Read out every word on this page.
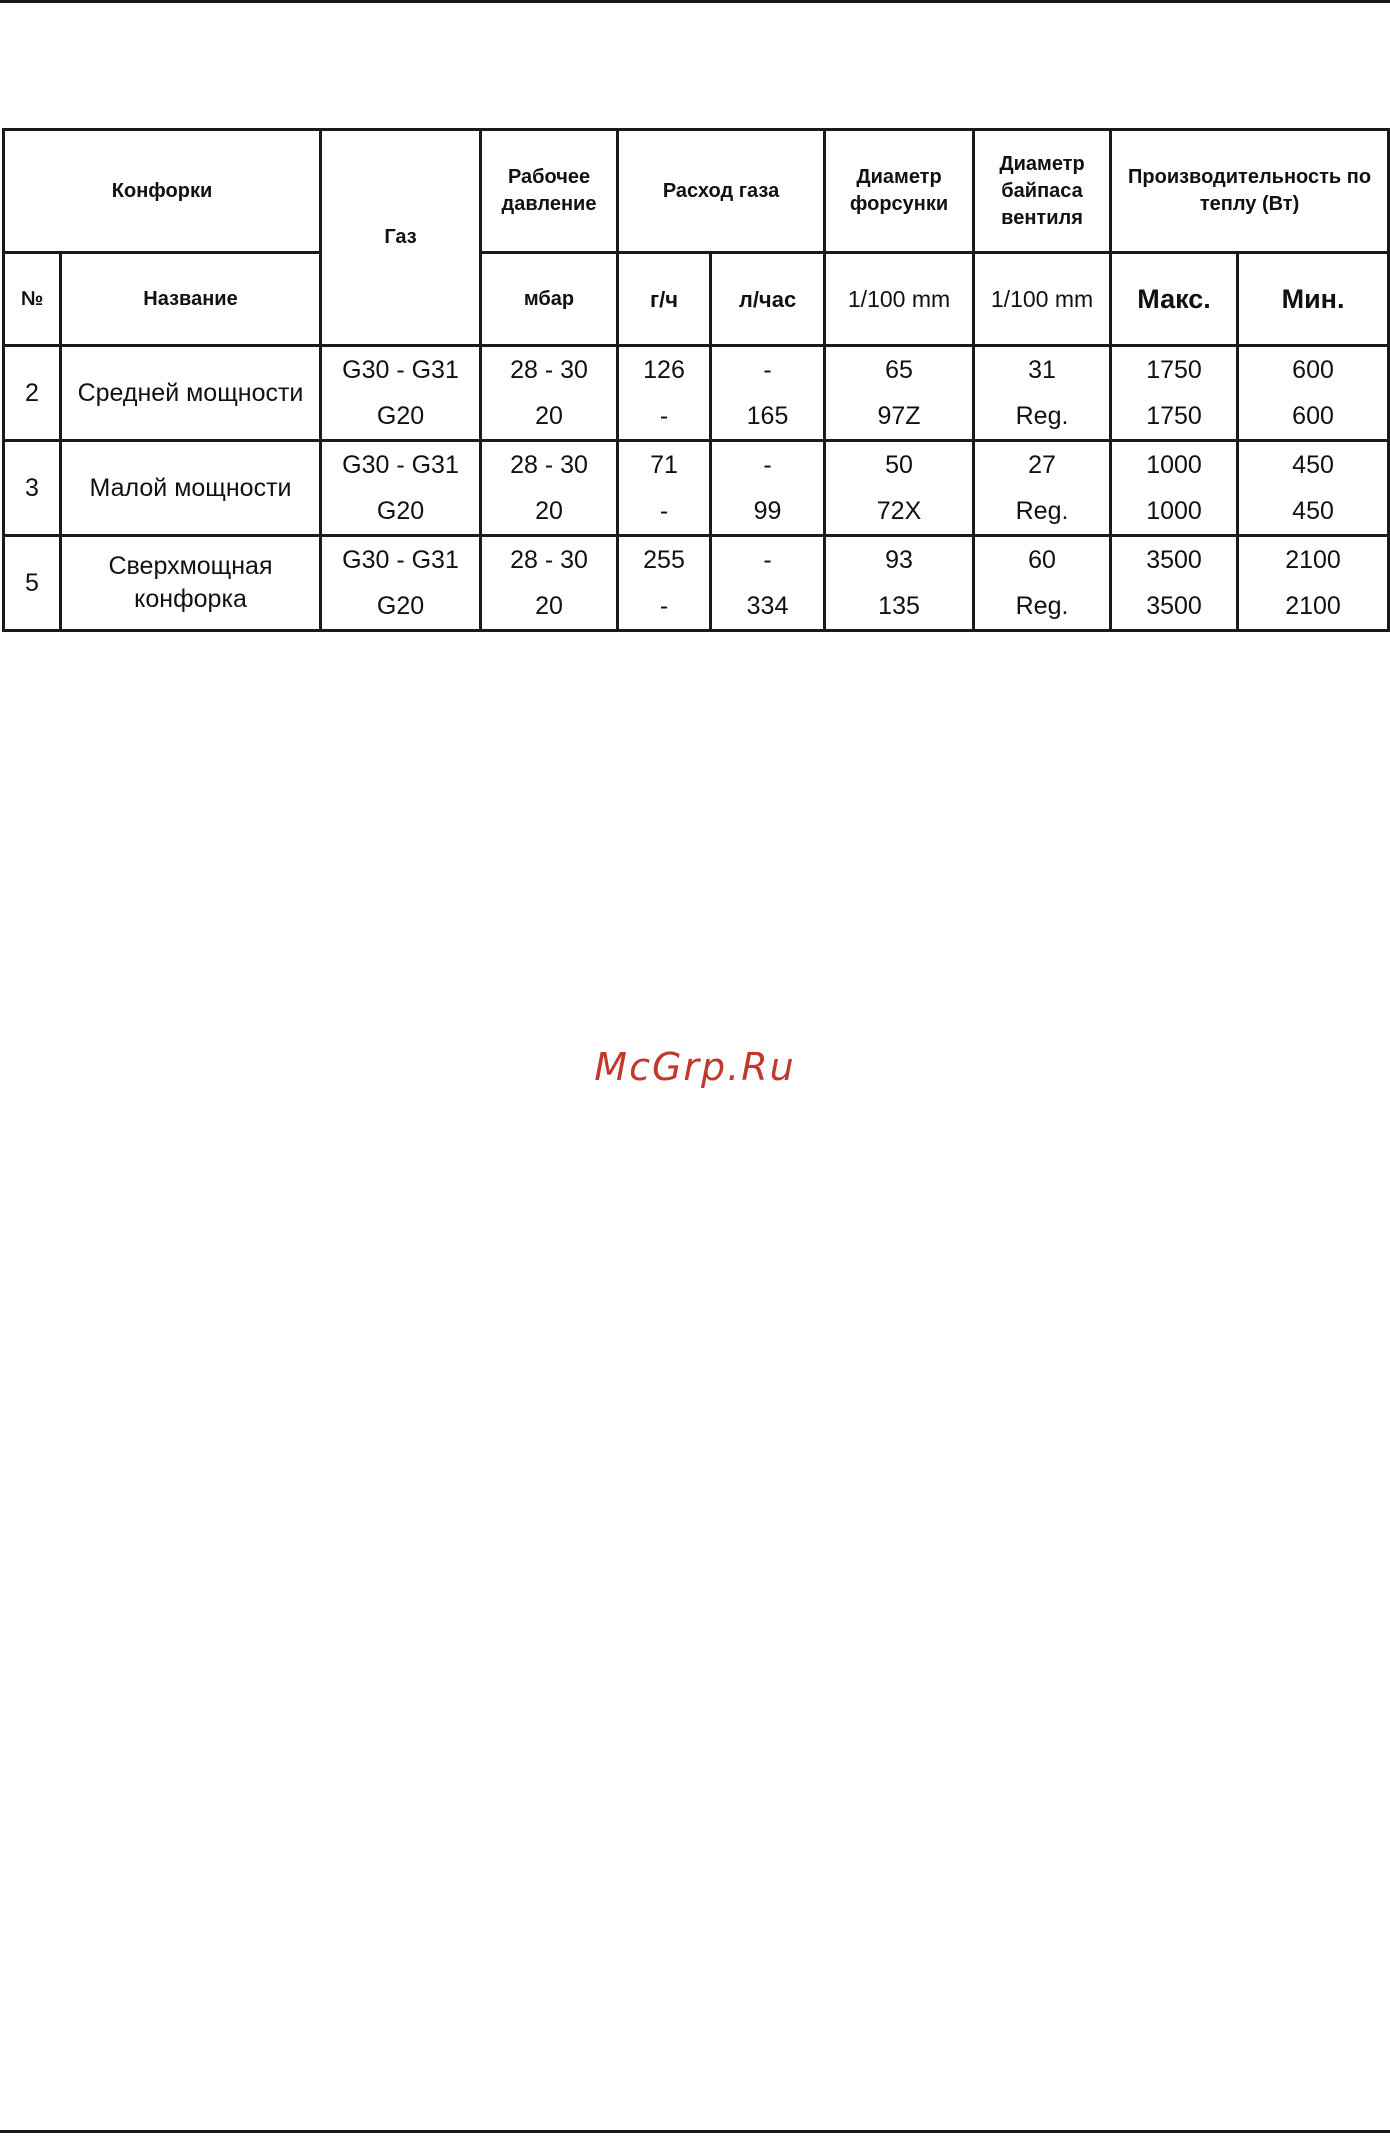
Конфорки		Газ	Рабочее давление	Расход газа		Диаметр форсунки	Диаметр байпаса вентиля	Производительность по теплу (Вт)	
№	Название		мбар	г/ч	л/час	1/100 mm	1/100 mm	Макс.	Мин.
2	Средней мощности	G30 - G31	28 - 30	126	-	65	31	1750	600
		G20	20	-	165	97Z	Reg.	1750	600
3	Малой мощности	G30 - G31	28 - 30	71	-	50	27	1000	450
		G20	20	-	99	72X	Reg.	1000	450
5	Сверхмощная конфорка	G30 - G31	28 - 30	255	-	93	60	3500	2100
		G20	20	-	334	135	Reg.	3500	2100
McGrp.Ru
